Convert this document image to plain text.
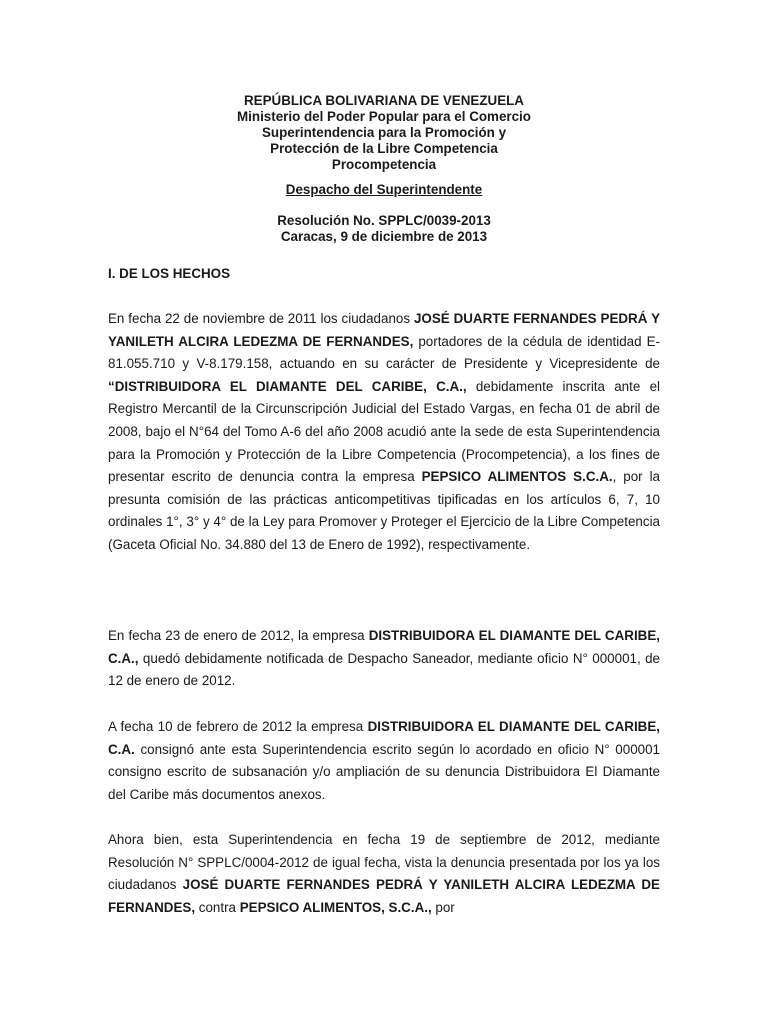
REPÚBLICA BOLIVARIANA DE VENEZUELA
Ministerio del Poder Popular para el Comercio
Superintendencia para la Promoción y
Protección de la Libre Competencia
Procompetencia
Despacho del Superintendente
Resolución No. SPPLC/0039-2013
Caracas, 9 de diciembre de 2013
I. DE LOS HECHOS

En fecha 22 de noviembre de 2011 los ciudadanos JOSÉ DUARTE FERNANDES PEDRÁ Y YANILETH ALCIRA LEDEZMA DE FERNANDES, portadores de la cédula de identidad E-81.055.710 y V-8.179.158, actuando en su carácter de Presidente y Vicepresidente de “DISTRIBUIDORA EL DIAMANTE DEL CARIBE, C.A., debidamente inscrita ante el Registro Mercantil de la Circunscripción Judicial del Estado Vargas, en fecha 01 de abril de 2008, bajo el N°64 del Tomo A-6 del año 2008 acudió ante la sede de esta Superintendencia para la Promoción y Protección de la Libre Competencia (Procompetencia), a los fines de presentar escrito de denuncia contra la empresa PEPSICO ALIMENTOS S.C.A., por la presunta comisión de las prácticas anticompetitivas tipificadas en los artículos 6, 7, 10 ordinales 1°, 3° y 4° de la Ley para Promover y Proteger el Ejercicio de la Libre Competencia (Gaceta Oficial No. 34.880 del 13 de Enero de 1992), respectivamente.

En fecha 23 de enero de 2012, la empresa DISTRIBUIDORA EL DIAMANTE DEL CARIBE, C.A., quedó debidamente notificada de Despacho Saneador, mediante oficio N° 000001, de 12 de enero de 2012.

A fecha 10 de febrero de 2012 la empresa DISTRIBUIDORA EL DIAMANTE DEL CARIBE, C.A. consignó ante esta Superintendencia escrito según lo acordado en oficio N° 000001 consigno escrito de subsanación y/o ampliación de su denuncia Distribuidora El Diamante del Caribe más documentos anexos.

Ahora bien, esta Superintendencia en fecha 19 de septiembre de 2012, mediante Resolución N° SPPLC/0004-2012 de igual fecha, vista la denuncia presentada por los ya los ciudadanos JOSÉ DUARTE FERNANDES PEDRÁ Y YANILETH ALCIRA LEDEZMA DE FERNANDES, contra PEPSICO ALIMENTOS, S.C.A., por
